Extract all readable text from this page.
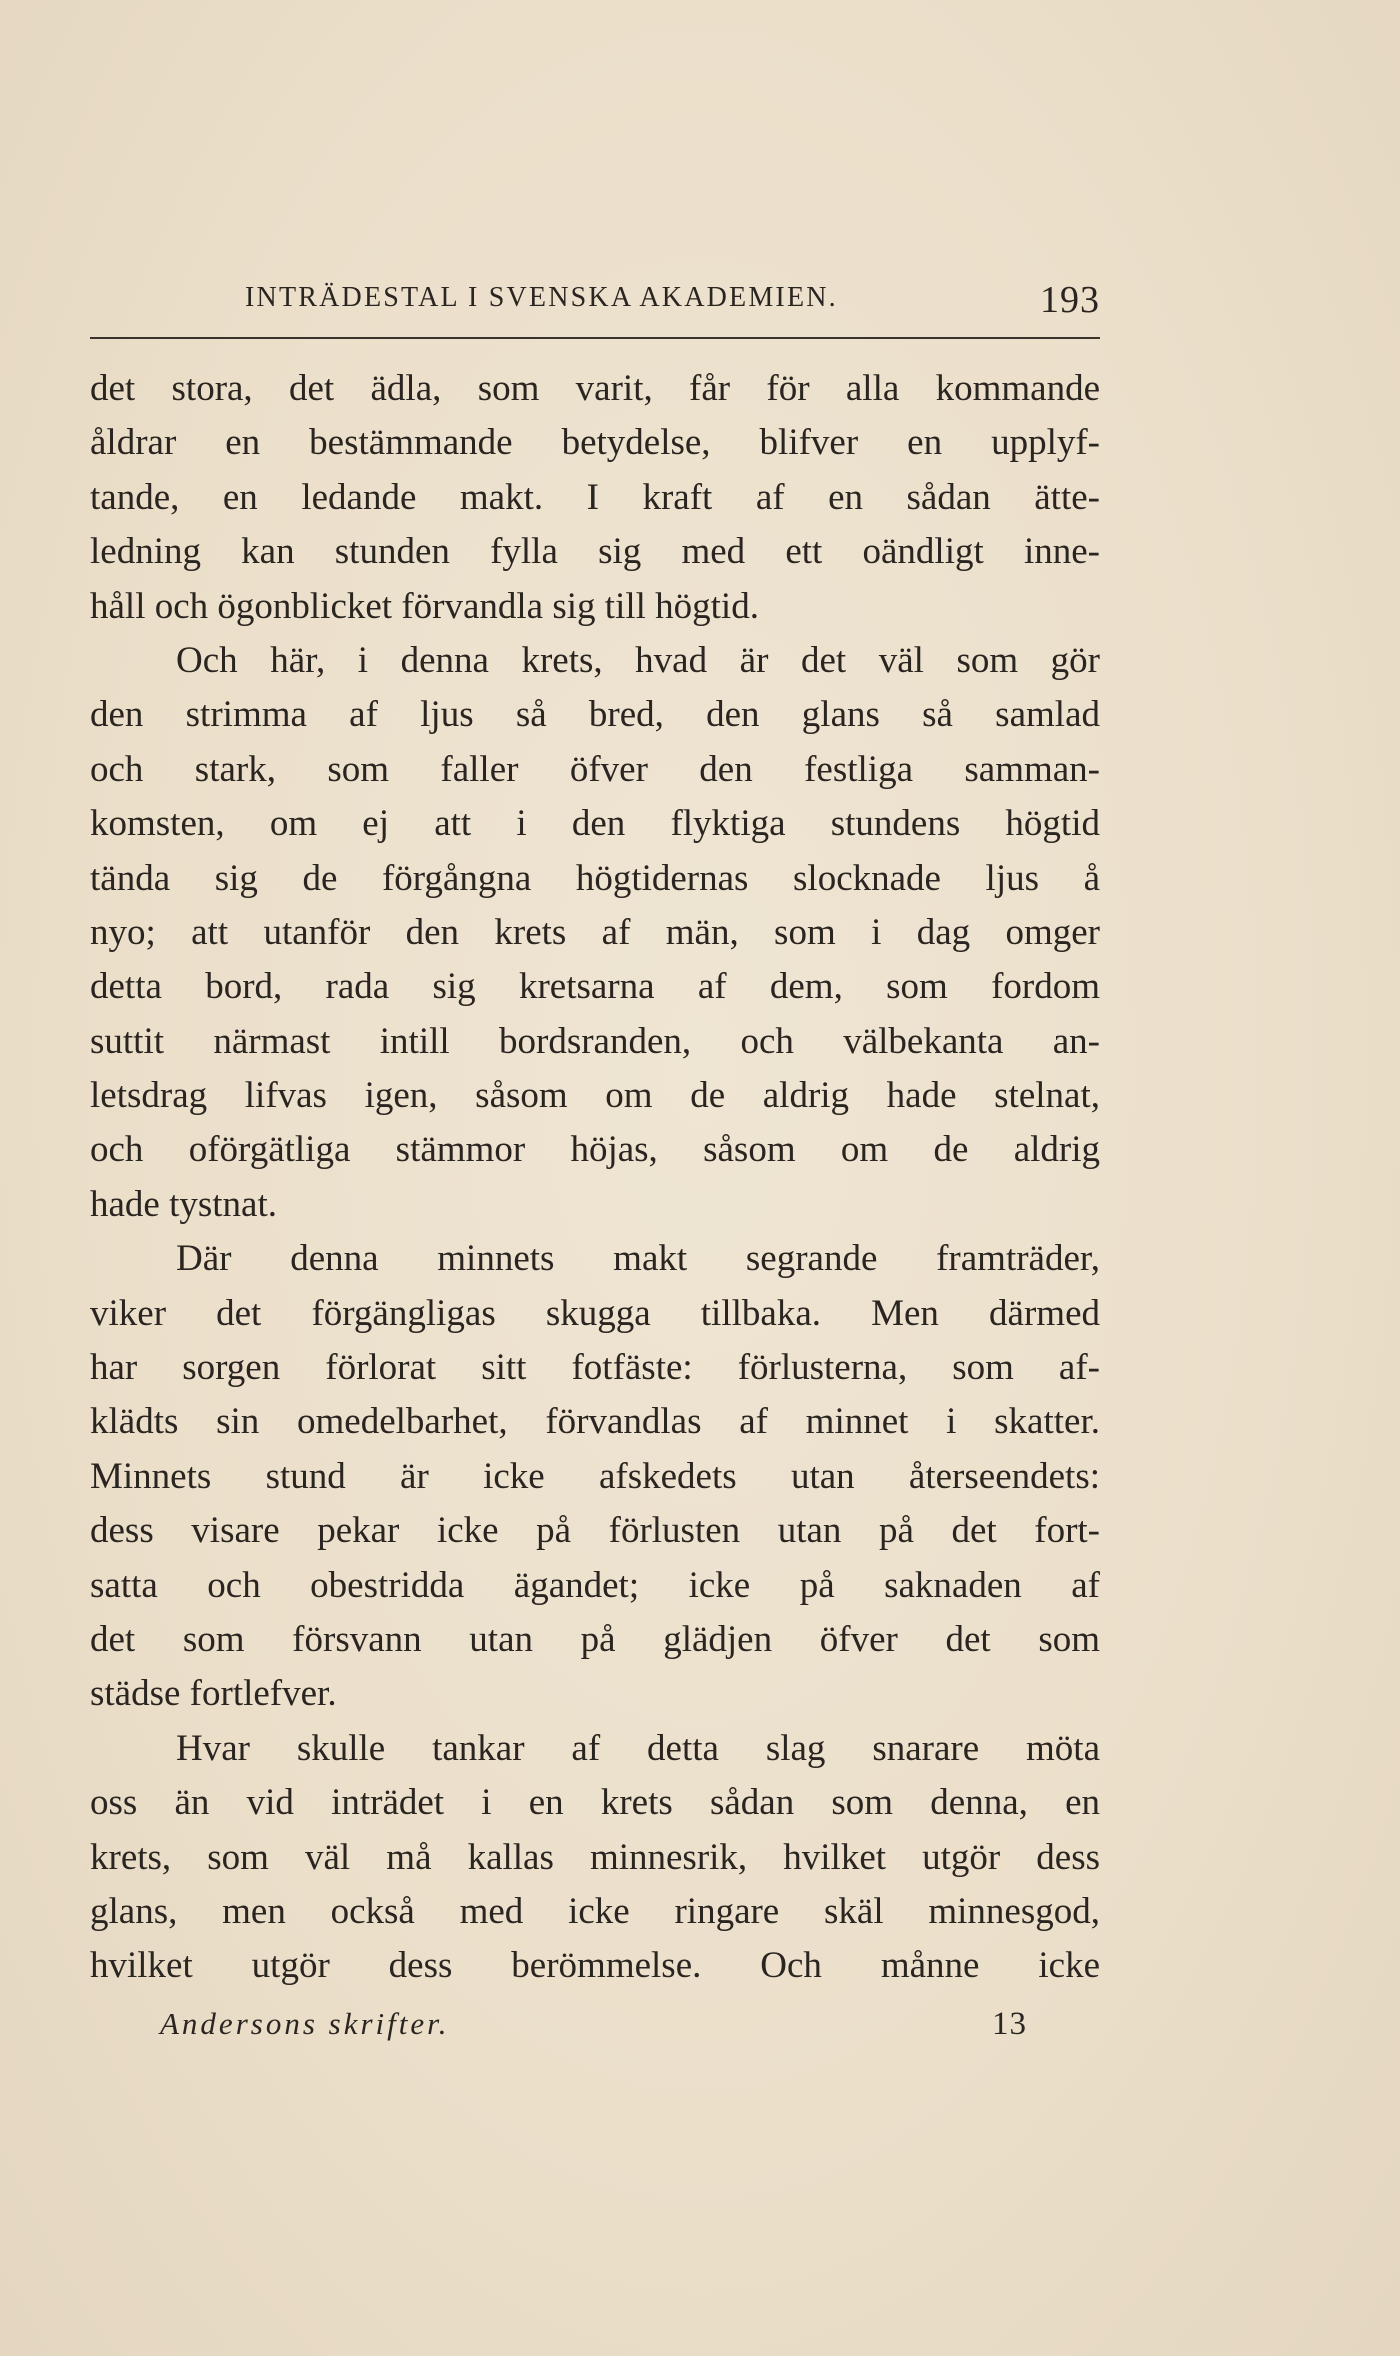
INTRÄDESTAL I SVENSKA AKADEMIEN.	193
det stora, det ädla, som varit, får för alla kommande
åldrar en bestämmande betydelse, blifver en upplyf-
tande, en ledande makt. I kraft af en sådan ätte-
ledning kan stunden fylla sig med ett oändligt inne-
håll och ögonblicket förvandla sig till högtid.
Och här, i denna krets, hvad är det väl som gör
den strimma af ljus så bred, den glans så samlad
och stark, som faller öfver den festliga samman-
komsten, om ej att i den flyktiga stundens högtid
tända sig de förgångna högtidernas slocknade ljus å
nyo; att utanför den krets af män, som i dag omger
detta bord, rada sig kretsarna af dem, som fordom
suttit närmast intill bordsranden, och välbekanta an-
letsdrag lifvas igen, såsom om de aldrig hade stelnat,
och oförgätliga stämmor höjas, såsom om de aldrig
hade tystnat.
Där denna minnets makt segrande framträder,
viker det förgängligas skugga tillbaka. Men därmed
har sorgen förlorat sitt fotfäste: förlusterna, som af-
klädts sin omedelbarhet, förvandlas af minnet i skatter.
Minnets stund är icke afskedets utan återseendets:
dess visare pekar icke på förlusten utan på det fort-
satta och obestridda ägandet; icke på saknaden af
det som försvann utan på glädjen öfver det som
städse fortlefver.
Hvar skulle tankar af detta slag snarare möta
oss än vid inträdet i en krets sådan som denna, en
krets, som väl må kallas minnesrik, hvilket utgör dess
glans, men också med icke ringare skäl minnesgod,
hvilket utgör dess berömmelse. Och månne icke
Andersons skrifter.	13
